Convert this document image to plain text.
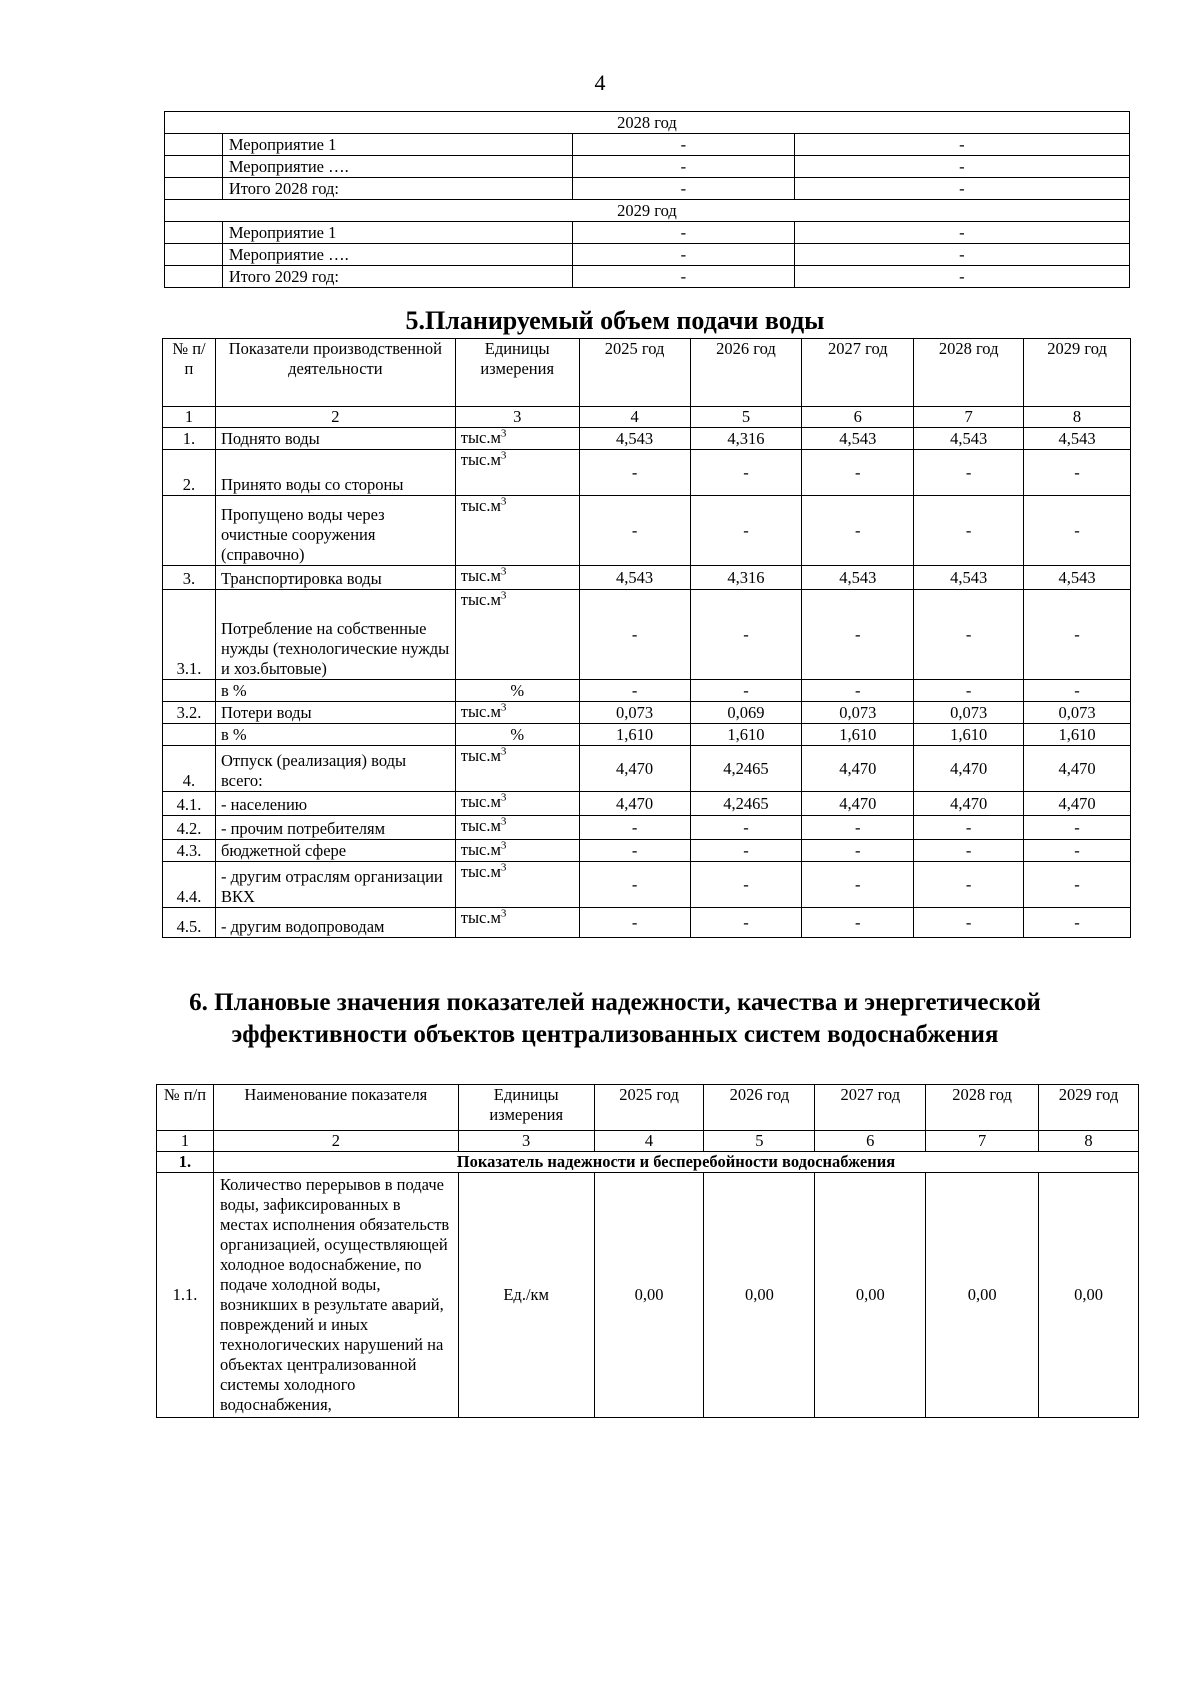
4
2028 год			
	Мероприятие 1	-	-
	Мероприятие ….	-	-
	Итого 2028 год:	-	-
2029 год			
	Мероприятие 1	-	-
	Мероприятие ….	-	-
	Итого 2029 год:	-	-
5.Планируемый объем подачи воды
№ п/п	Показатели производственной деятельности	Единицы измерения	2025 год	2026 год	2027 год	2028 год	2029 год
1	2	3	4	5	6	7	8
1.	Поднято воды	$тыс.м^3$	4,543	4,316	4,543	4,543	4,543
2.	Принято воды со стороны	$тыс.м^3$	-	-	-	-	-
	Пропущено воды через очистные сооружения (справочно)	$тыс.м^3$	-	-	-	-	-
3.	Транспортировка воды	$тыс.м^3$	4,543	4,316	4,543	4,543	4,543
3.1.	Потребление на собственные нужды (технологические нужды и хоз.бытовые)	$тыс.м^3$	-	-	-	-	-
	в %	%	-	-	-	-	-
3.2.	Потери воды	$тыс.м^3$	0,073	0,069	0,073	0,073	0,073
	в %	%	1,610	1,610	1,610	1,610	1,610
4.	Отпуск (реализация) воды всего:	$тыс.м^3$	4,470	4,2465	4,470	4,470	4,470
4.1.	- населению	$тыс.м^3$	4,470	4,2465	4,470	4,470	4,470
4.2.	- прочим потребителям	$тыс.м^3$	-	-	-	-	-
4.3.	бюджетной сфере	$тыс.м^3$	-	-	-	-	-
4.4.	- другим отраслям организации ВКХ	$тыс.м^3$	-	-	-	-	-
4.5.	- другим водопроводам	$тыс.м^3$	-	-	-	-	-
6. Плановые значения показателей надежности, качества и энергетической эффективности объектов централизованных систем водоснабжения
№ п/п	Наименование показателя	Единицы измерения	2025 год	2026 год	2027 год	2028 год	2029 год
1	2	3	4	5	6	7	8
1.	Показатель надежности и бесперебойности водоснабжения						
1.1.	Количество перерывов в подаче воды, зафиксированных в местах исполнения обязательств организацией, осуществляющей холодное водоснабжение, по подаче холодной воды, возникших в результате аварий, повреждений и иных технологических нарушений на объектах централизованной системы холодного водоснабжения,	Ед./км	0,00	0,00	0,00	0,00	0,00
